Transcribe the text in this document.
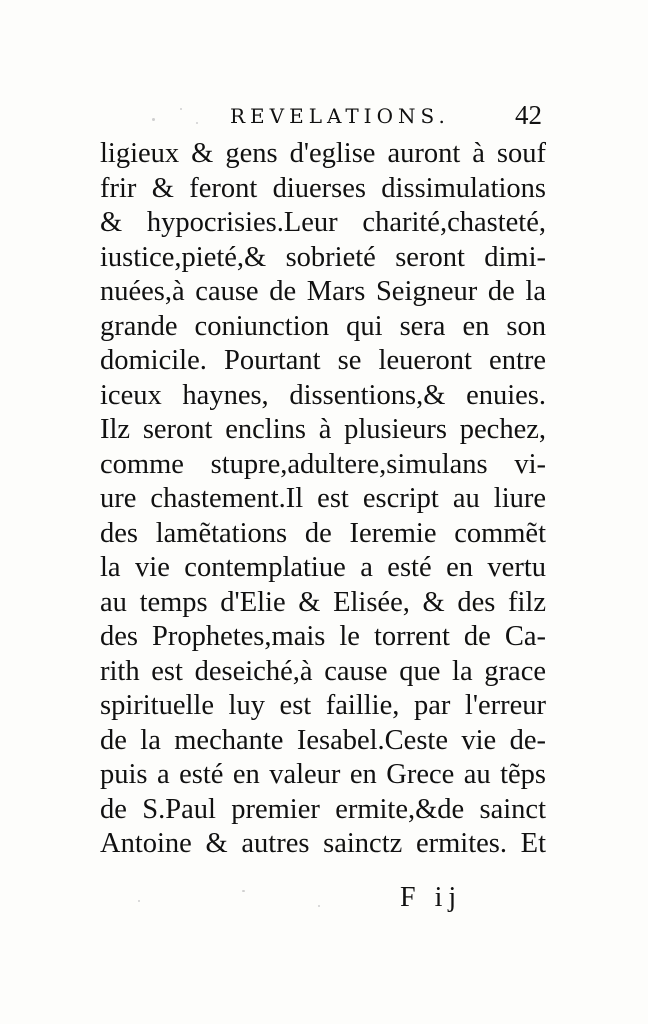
REVELATIONS. 42
ligieux & gens d'eglise auront à souf
frir & feront diuerses dissimulations
& hypocrisies.Leur charité,chasteté,
iustice,pieté,& sobrieté seront dimi-
nuées,à cause de Mars Seigneur de la
grande coniunction qui sera en son
domicile. Pourtant se leueront entre
iceux haynes, dissentions,& enuies.
Ilz seront enclins à plusieurs pechez,
comme stupre,adultere,simulans vi-
ure chastement.Il est escript au liure
des lamẽtations de Ieremie commẽt
la vie contemplatiue a esté en vertu
au temps d'Elie & Elisée, & des filz
des Prophetes,mais le torrent de Ca-
rith est deseiché,à cause que la grace
spirituelle luy est faillie, par l'erreur
de la mechante Iesabel.Ceste vie de-
puis a esté en valeur en Grece au tẽps
de S.Paul premier ermite,&de sainct
Antoine & autres sainctz ermites. Et
F ij
